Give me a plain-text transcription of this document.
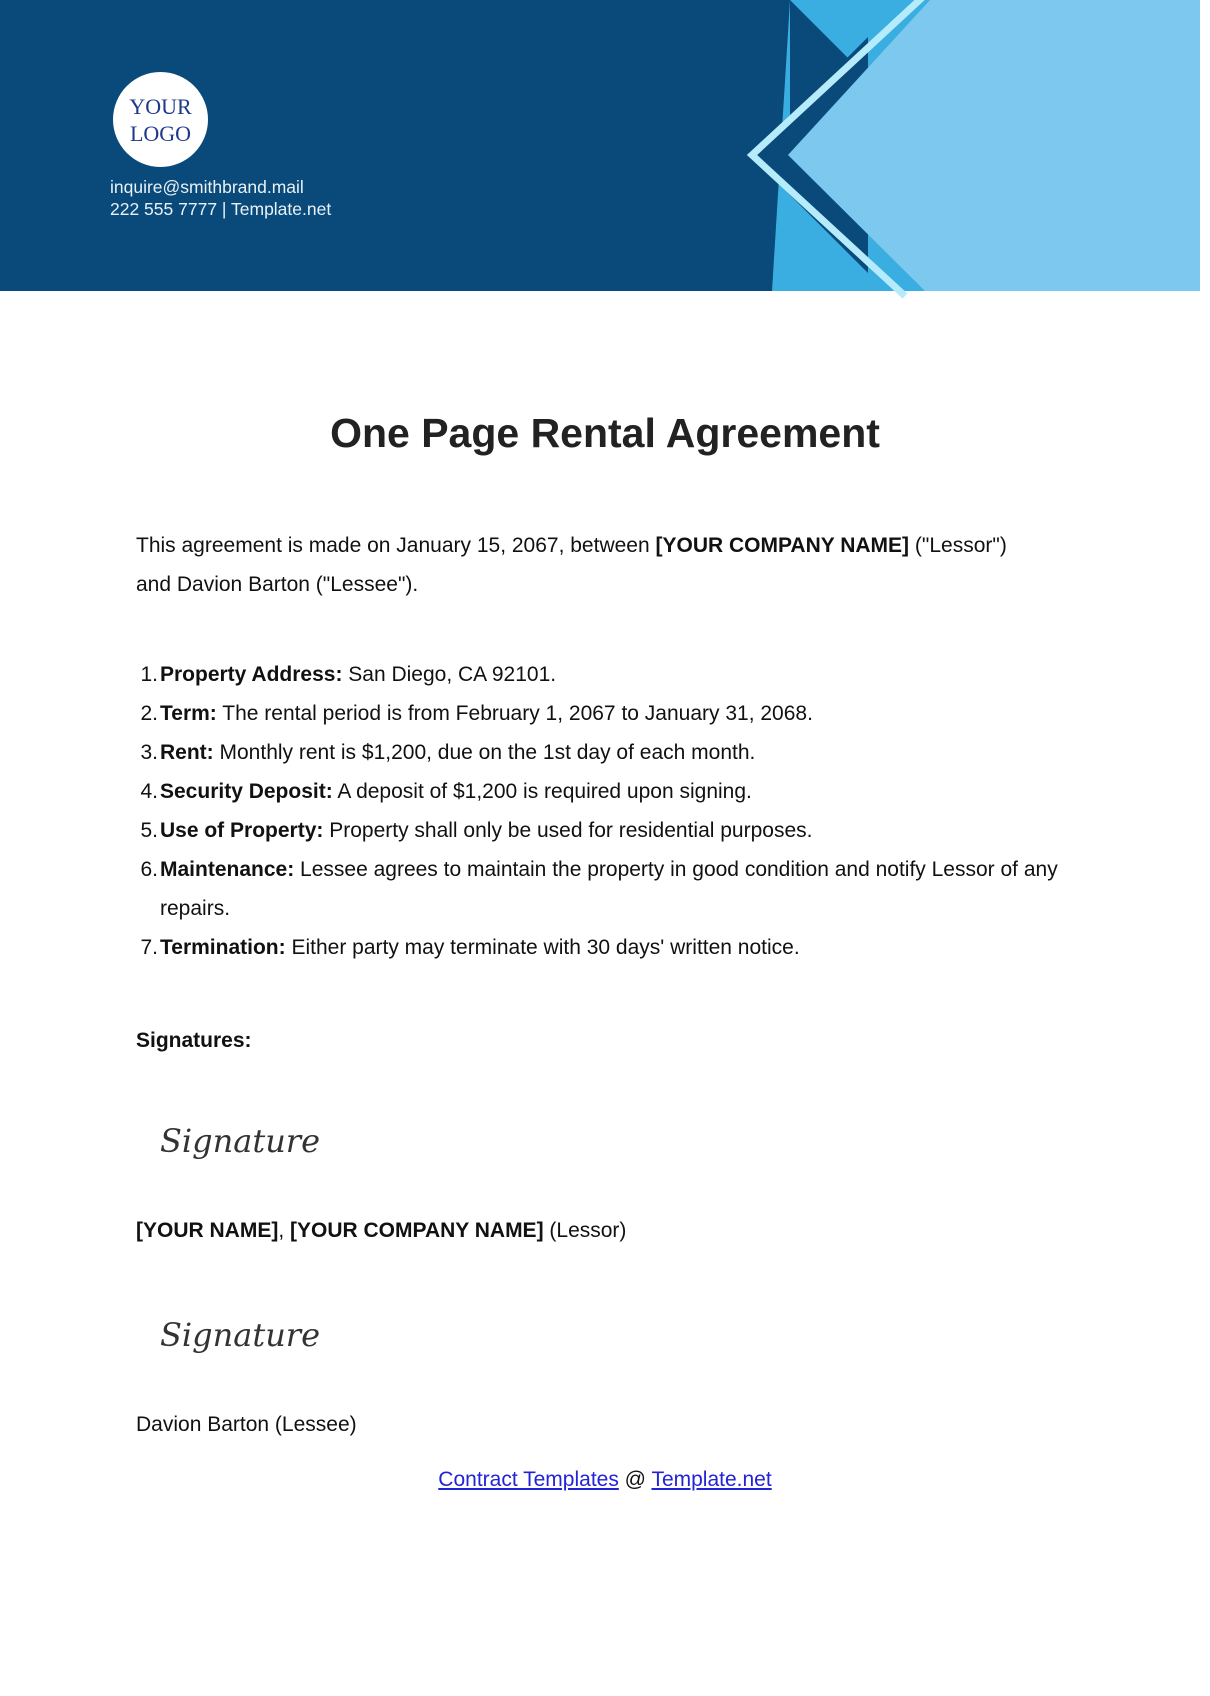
YOUR
LOGO
inquire@smithbrand.mail
222 555 7777 | Template.net
One Page Rental Agreement

This agreement is made on January 15, 2067, between [YOUR COMPANY NAME] ("Lessor") and Davion Barton ("Lessee").

1. Property Address: San Diego, CA 92101.
2. Term: The rental period is from February 1, 2067 to January 31, 2068.
3. Rent: Monthly rent is $1,200, due on the 1st day of each month.
4. Security Deposit: A deposit of $1,200 is required upon signing.
5. Use of Property: Property shall only be used for residential purposes.
6. Maintenance: Lessee agrees to maintain the property in good condition and notify Lessor of any repairs.
7. Termination: Either party may terminate with 30 days' written notice.

Signatures:

Signature

[YOUR NAME], [YOUR COMPANY NAME] (Lessor)

Signature

Davion Barton (Lessee)

Contract Templates @ Template.net
